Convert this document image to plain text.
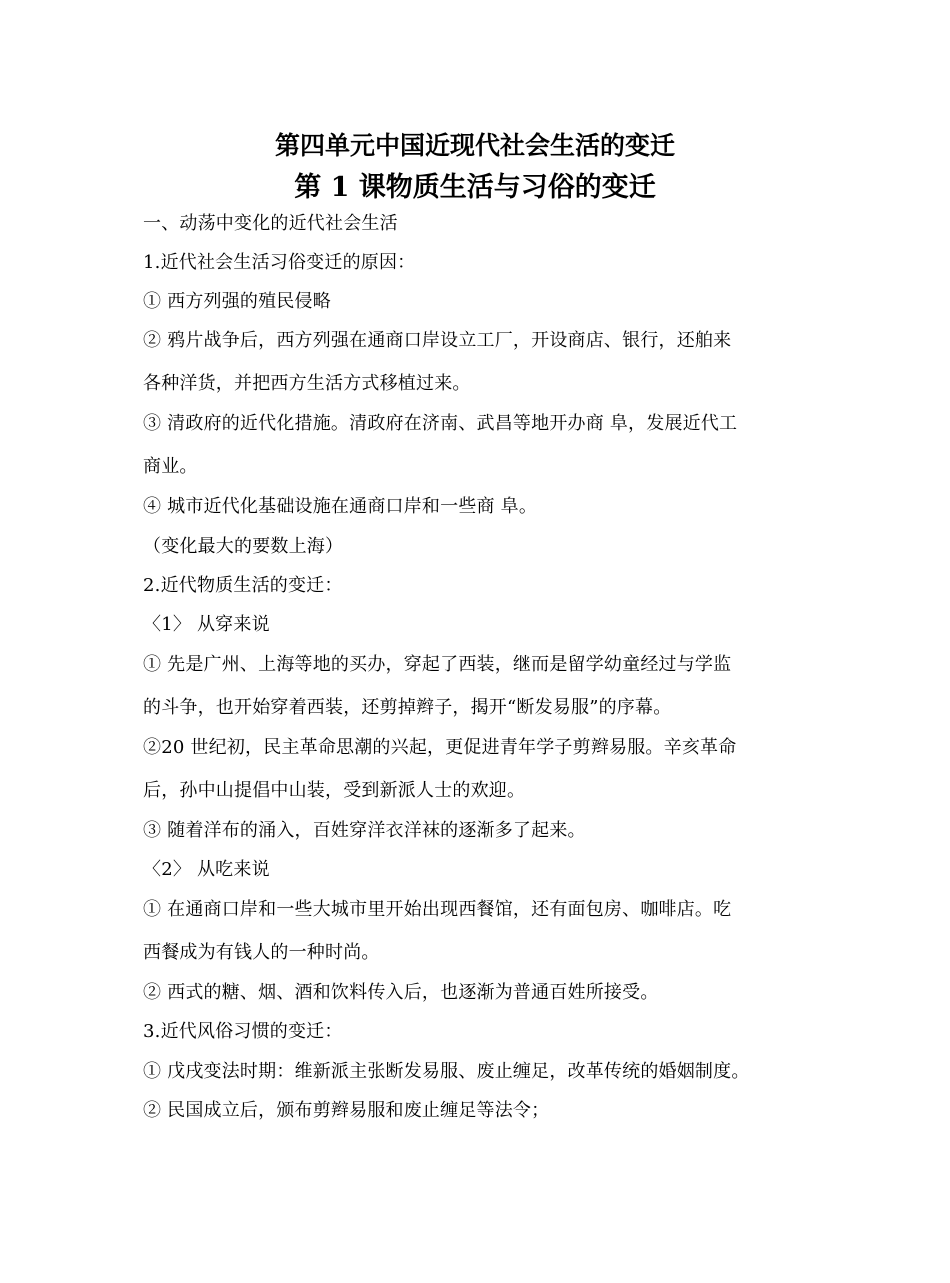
第四单元中国近现代社会生活的变迁
第 1 课物质生活与习俗的变迁
一、动荡中变化的近代社会生活
1.近代社会生活习俗变迁的原因：
① 西方列强的殖民侵略
② 鸦片战争后，西方列强在通商口岸设立工厂，开设商店、银行，还舶来
各种洋货，并把西方生活方式移植过来。
③ 清政府的近代化措施。清政府在济南、武昌等地开办商 阜，发展近代工
商业。
④ 城市近代化基础设施在通商口岸和一些商 阜。
（变化最大的要数上海）
2.近代物质生活的变迁：
〈1〉 从穿来说
① 先是广州、上海等地的买办，穿起了西装，继而是留学幼童经过与学监
的斗争，也开始穿着西装，还剪掉辫子，揭开“断发易服”的序幕。
②20 世纪初，民主革命思潮的兴起，更促进青年学子剪辫易服。辛亥革命
后，孙中山提倡中山装，受到新派人士的欢迎。
③ 随着洋布的涌入，百姓穿洋衣洋袜的逐渐多了起来。
〈2〉 从吃来说
① 在通商口岸和一些大城市里开始出现西餐馆，还有面包房、咖啡店。吃
西餐成为有钱人的一种时尚。
② 西式的糖、烟、酒和饮料传入后，也逐渐为普通百姓所接受。
3.近代风俗习惯的变迁：
① 戊戌变法时期：维新派主张断发易服、废止缠足，改革传统的婚姻制度。
② 民国成立后，颁布剪辫易服和废止缠足等法令；
